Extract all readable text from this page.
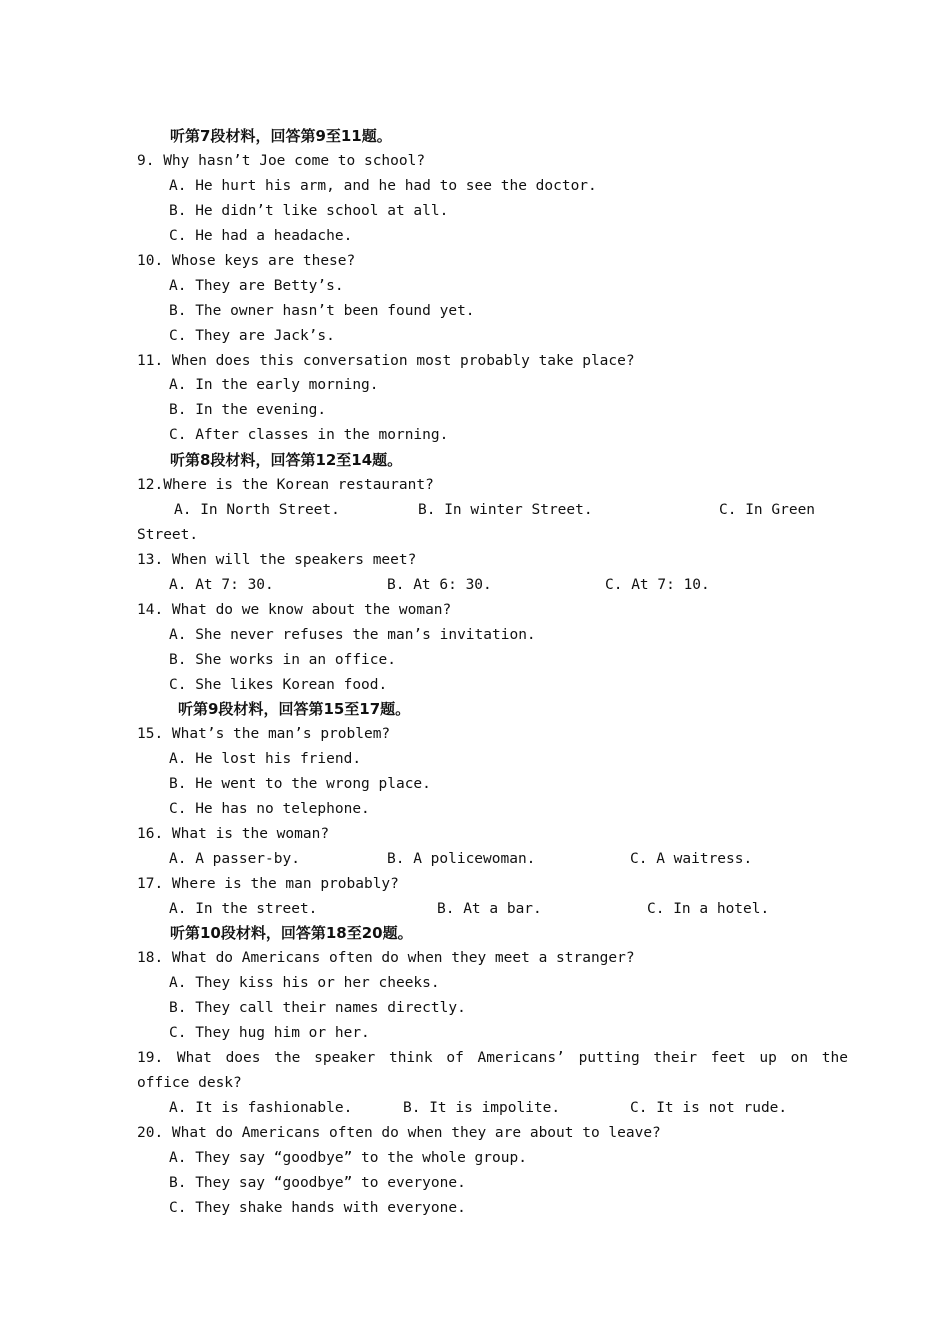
听第7段材料，回答第9至11题。
9. Why hasn’t Joe come to school?
A. He hurt his arm, and he had to see the doctor.
B. He didn’t like school at all.
C. He had a headache.
10. Whose keys are these?
A. They are Betty’s.
B. The owner hasn’t been found yet.
C. They are Jack’s.
11. When does this conversation most probably take place?
A. In the early morning.
B. In the evening.
C. After classes in the morning.
听第8段材料，回答第12至14题。
12.Where is the Korean restaurant?

A. In North Street.

	B. In winter Street.

	C. In Green

Street.
13. When will the speakers meet?

A. At 7: 30.

	B. At 6: 30.

	C. At 7: 10.

14. What do we know about the woman?
A. She never refuses the man’s invitation.
B. She works in an office.
C. She likes Korean food.
听第9段材料，回答第15至17题。
15. What’s the man’s problem?
A. He lost his friend.
B. He went to the wrong place.
C. He has no telephone.
16. What is the woman?

A. A passer-by.

	B. A policewoman.

	C. A waitress.

17. Where is the man probably?

A. In the street.

	B. At a bar.

	C. In a hotel.

听第10段材料，回答第18至20题。
18. What do Americans often do when they meet a stranger?
A. They kiss his or her cheeks.
B. They call their names directly.
C. They hug him or her.
19. What does the speaker think of Americans’ putting their feet up on the
office desk?

A. It is fashionable.

	B. It is impolite.

	C. It is not rude.

20. What do Americans often do when they are about to leave?
A. They say “goodbye” to the whole group.
B. They say “goodbye” to everyone.
C. They shake hands with everyone.
